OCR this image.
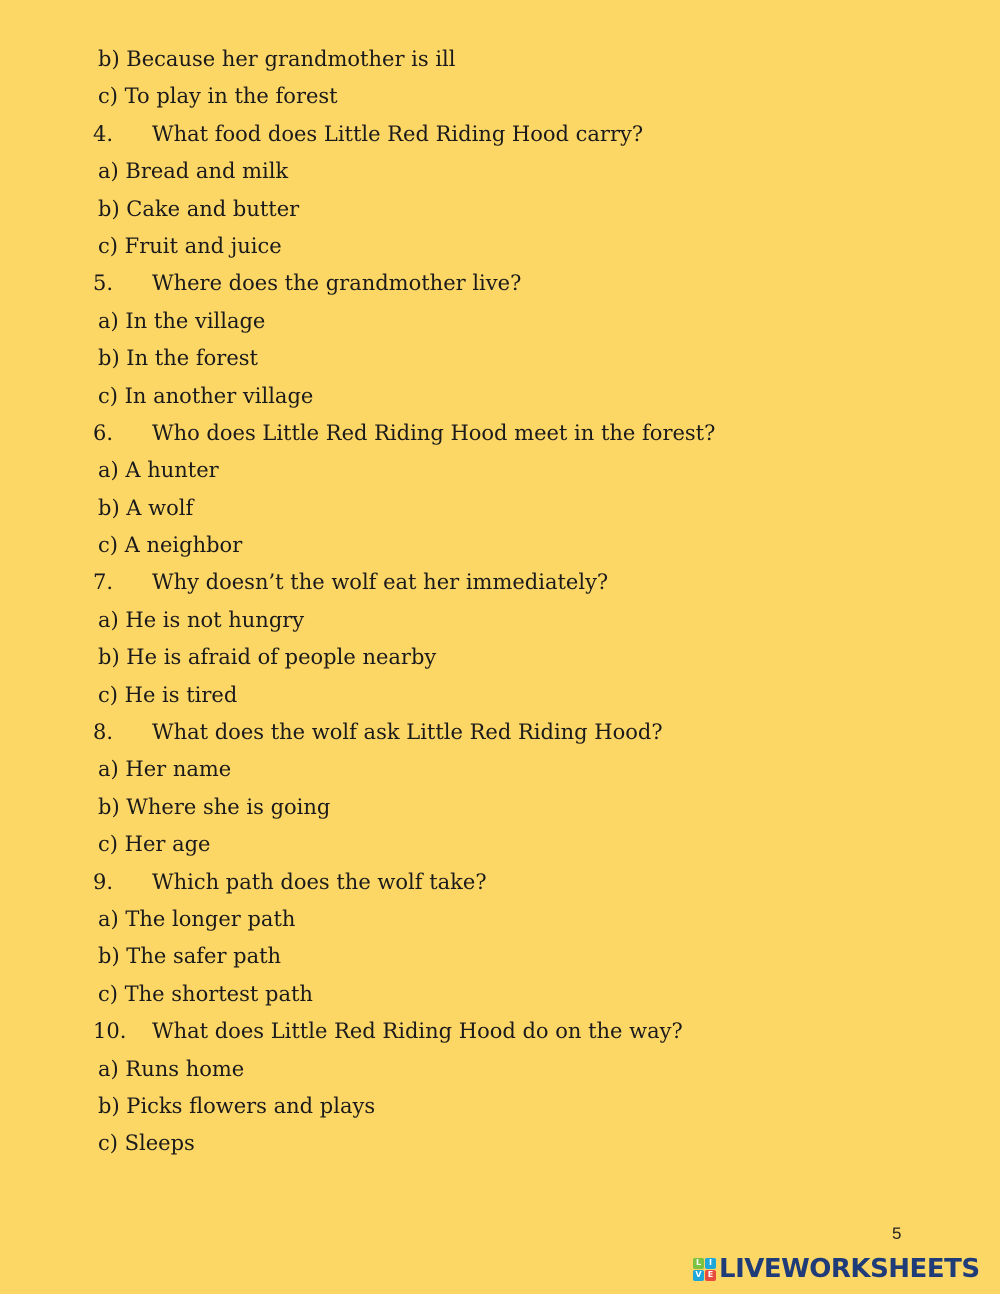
b) Because her grandmother is ill
c) To play in the forest
4. What food does Little Red Riding Hood carry?
a) Bread and milk
b) Cake and butter
c) Fruit and juice
5. Where does the grandmother live?
a) In the village
b) In the forest
c) In another village
6. Who does Little Red Riding Hood meet in the forest?
a) A hunter
b) A wolf
c) A neighbor
7. Why doesn’t the wolf eat her immediately?
a) He is not hungry
b) He is afraid of people nearby
c) He is tired
8. What does the wolf ask Little Red Riding Hood?
a) Her name
b) Where she is going
c) Her age
9. Which path does the wolf take?
a) The longer path
b) The safer path
c) The shortest path
10. What does Little Red Riding Hood do on the way?
a) Runs home
b) Picks flowers and plays
c) Sleeps
5
L I
V E LIVEWORKSHEETS
